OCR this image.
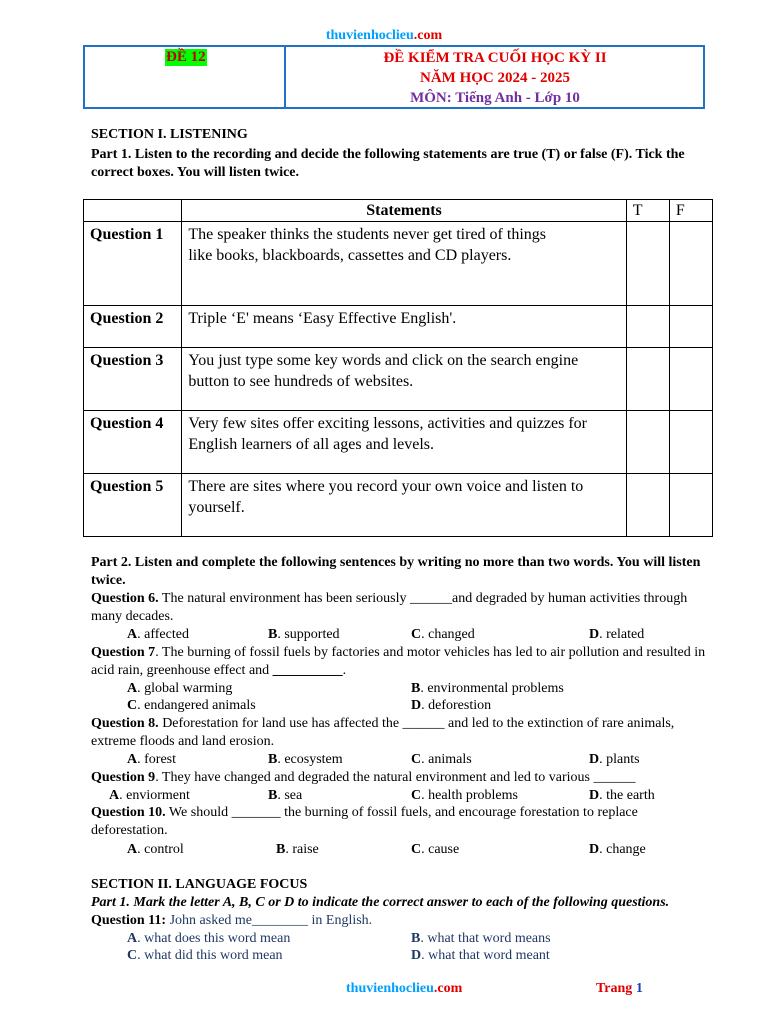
thuvienhoclieu.com
ĐỀ 12	ĐỀ KIỂM TRA CUỐI HỌC KỲ II
NĂM HỌC 2024 - 2025
MÔN: Tiếng Anh - Lớp 10
SECTION I. LISTENING
Part 1. Listen to the recording and decide the following statements are true (T) or false (F). Tick the correct boxes. You will listen twice.
	Statements	T	F
Question 1	The speaker thinks the students never get tired of things like books, blackboards, cassettes and CD players.		

Question 2	Triple ‘E' means ‘Easy Effective English'.		
Question 3	You just type some key words and click on the search engine button to see hundreds of websites.		
Question 4	Very few sites offer exciting lessons, activities and quizzes for English learners of all ages and levels.		
Question 5	There are sites where you record your own voice and listen to yourself.		
Part 2. Listen and complete the following sentences by writing no more than two words. You will listen twice.
Question 6. The natural environment has been seriously ______and degraded by human activities through many decades.
A. affected	B. supported	C. changed	D. related
Question 7. The burning of fossil fuels by factories and motor vehicles has led to air pollution and resulted in acid rain, greenhouse effect and __________.
A. global warming	B. environmental problems
C. endangered animals	D. deforestion
Question 8. Deforestation for land use has affected the ______ and led to the extinction of rare animals, extreme floods and land erosion.
A. forest	B. ecosystem	C. animals	D. plants
Question 9. They have changed and degraded the natural environment and led to various ______
A. enviorment	B. sea	C. health problems	D. the earth
Question 10. We should _______ the burning of fossil fuels, and encourage forestation to replace deforestation.
A. control	B. raise	C. cause	D. change
SECTION II. LANGUAGE FOCUS
Part 1. Mark the letter A, B, C or D to indicate the correct answer to each of the following questions.
Question 11: John asked me________ in English.
A. what does this word mean	B. what that word means
C. what did this word mean	D. what that word meant
thuvienhoclieu.com	Trang 1
